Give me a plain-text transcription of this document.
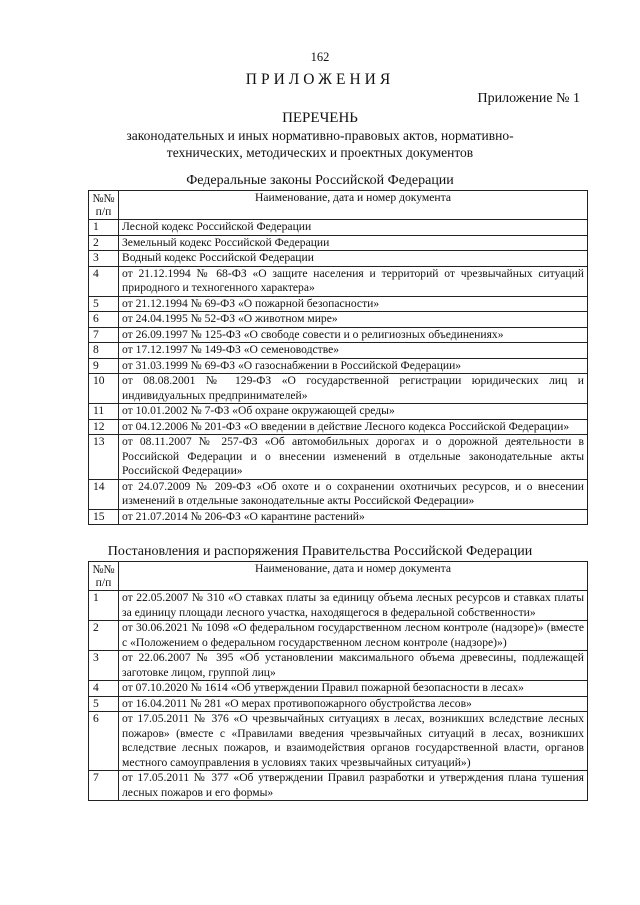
162
ПРИЛОЖЕНИЯ
Приложение № 1
ПЕРЕЧЕНЬ
законодательных и иных нормативно-правовых актов, нормативно-технических, методических и проектных документов
Федеральные законы Российской Федерации
№№ п/п	Наименование, дата и номер документа
1	Лесной кодекс Российской Федерации
2	Земельный кодекс Российской Федерации
3	Водный кодекс Российской Федерации
4	от 21.12.1994 № 68-ФЗ «О защите населения и территорий от чрезвычайных ситуаций природного и техногенного характера»
5	от 21.12.1994 № 69-ФЗ «О пожарной безопасности»
6	от 24.04.1995 № 52-ФЗ «О животном мире»
7	от 26.09.1997 № 125-ФЗ «О свободе совести и о религиозных объединениях»
8	от 17.12.1997 № 149-ФЗ «О семеноводстве»
9	от 31.03.1999 № 69-ФЗ «О газоснабжении в Российской Федерации»
10	от 08.08.2001 № 129-ФЗ «О государственной регистрации юридических лиц и индивидуальных предпринимателей»
11	от 10.01.2002 № 7-ФЗ «Об охране окружающей среды»
12	от 04.12.2006 № 201-ФЗ «О введении в действие Лесного кодекса Российской Федерации»
13	от 08.11.2007 № 257-ФЗ «Об автомобильных дорогах и о дорожной деятельности в Российской Федерации и о внесении изменений в отдельные законодательные акты Российской Федерации»
14	от 24.07.2009 № 209-ФЗ «Об охоте и о сохранении охотничьих ресурсов, и о внесении изменений в отдельные законодательные акты Российской Федерации»
15	от 21.07.2014 № 206-ФЗ «О карантине растений»
Постановления и распоряжения Правительства Российской Федерации
№№ п/п	Наименование, дата и номер документа
1	от 22.05.2007 № 310 «О ставках платы за единицу объема лесных ресурсов и ставках платы за единицу площади лесного участка, находящегося в федеральной собственности»
2	от 30.06.2021 № 1098 «О федеральном государственном лесном контроле (надзоре)» (вместе с «Положением о федеральном государственном лесном контроле (надзоре)»)
3	от 22.06.2007 № 395 «Об установлении максимального объема древесины, подлежащей заготовке лицом, группой лиц»
4	от 07.10.2020 № 1614 «Об утверждении Правил пожарной безопасности в лесах»
5	от 16.04.2011 № 281 «О мерах противопожарного обустройства лесов»
6	от 17.05.2011 № 376 «О чрезвычайных ситуациях в лесах, возникших вследствие лесных пожаров» (вместе с «Правилами введения чрезвычайных ситуаций в лесах, возникших вследствие лесных пожаров, и взаимодействия органов государственной власти, органов местного самоуправления в условиях таких чрезвычайных ситуаций»)
7	от 17.05.2011 № 377 «Об утверждении Правил разработки и утверждения плана тушения лесных пожаров и его формы»
